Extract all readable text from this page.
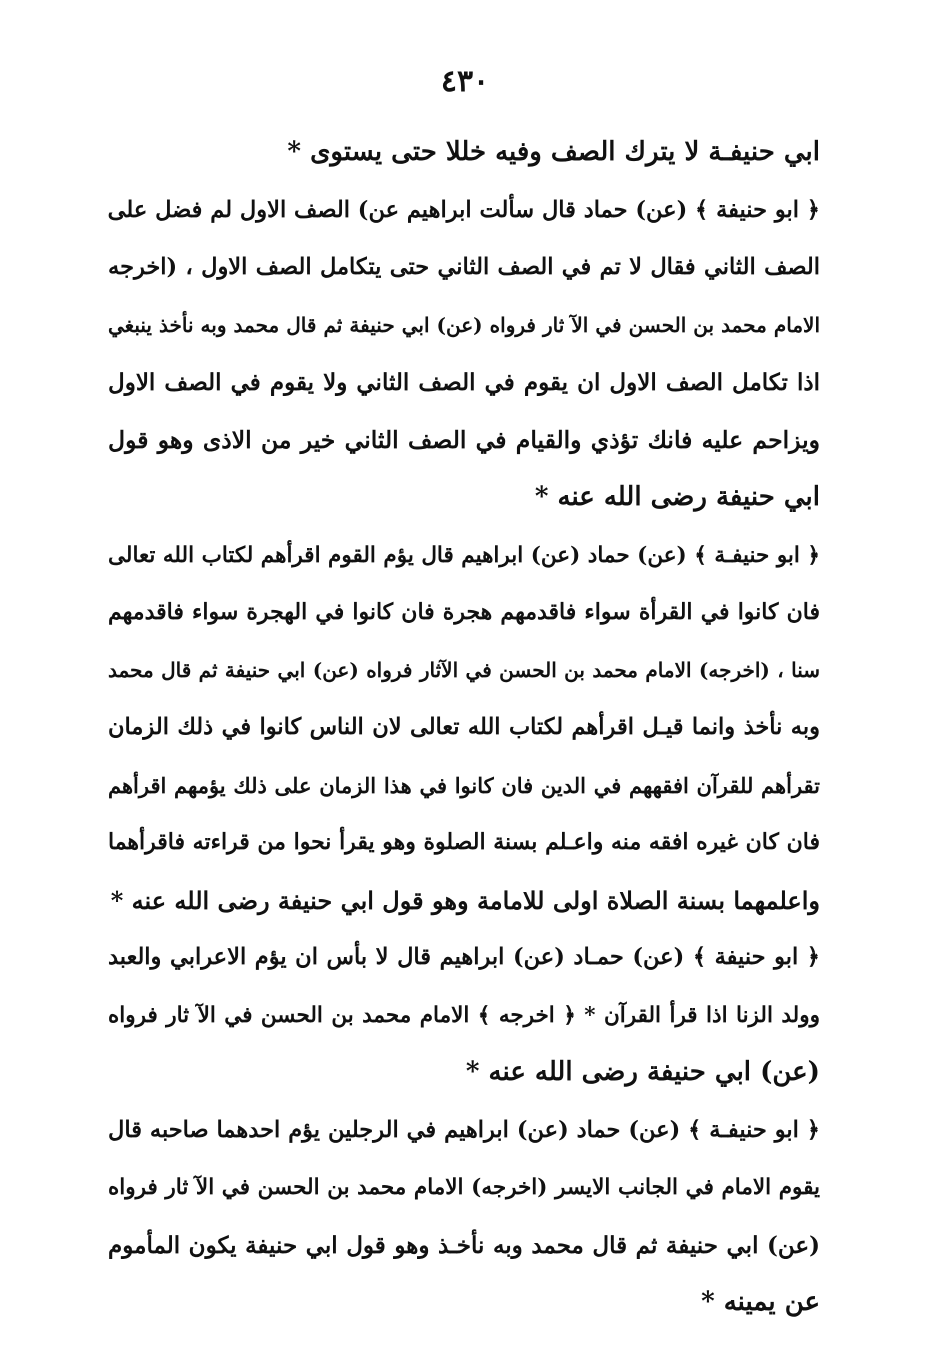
٤٣٠
ابي حنيفـة لا يترك الصف وفيه خللا حتى يستوى *
﴿ ابو حنيفة ﴾ (عن) حماد قال سألت ابراهيم عن) الصف الاول لم فضل على
الصف الثاني فقال لا تم في الصف الثاني حتى يتكامل الصف الاول ، (اخرجه
الامام محمد بن الحسن في الآ ثار فرواه (عن) ابي حنيفة ثم قال محمد وبه نأخذ ينبغي
اذا تكامل الصف الاول ان يقوم في الصف الثاني ولا يقوم في الصف الاول
ويزاحم عليه فانك تؤذي والقيام في الصف الثاني خير من الاذى وهو قول
ابي حنيفة رضى الله عنه *
﴿ ابو حنيفـة ﴾ (عن) حماد (عن) ابراهيم قال يؤم القوم اقرأهم لكتاب الله تعالى
فان كانوا في القرأة سواء فاقدمهم هجرة فان كانوا في الهجرة سواء فاقدمهم
سنا ، (اخرجه) الامام محمد بن الحسن في الآثار فرواه (عن) ابي حنيفة ثم قال محمد
وبه نأخذ وانما قيـل اقرأهم لكتاب الله تعالى لان الناس كانوا في ذلك الزمان
تقرأهم للقرآن افقههم في الدين فان كانوا في هذا الزمان على ذلك يؤمهم اقرأهم
فان كان غيره افقه منه واعـلم بسنة الصلوة وهو يقرأ نحوا من قراءته فاقرأهما
واعلمهما بسنة الصلاة اولى للامامة وهو قول ابي حنيفة رضى الله عنه *
﴿ ابو حنيفة ﴾ (عن) حمـاد (عن) ابراهيم قال لا بأس ان يؤم الاعرابي والعبد
وولد الزنا اذا قرأ القرآن * ﴿ اخرجه ﴾ الامام محمد بن الحسن في الآ ثار فرواه
(عن) ابي حنيفة رضى الله عنه *
﴿ ابو حنيفـة ﴾ (عن) حماد (عن) ابراهيم في الرجلين يؤم احدهما صاحبه قال
يقوم الامام في الجانب الايسر (اخرجه) الامام محمد بن الحسن في الآ ثار فرواه
(عن) ابي حنيفة ثم قال محمد وبه نأخـذ وهو قول ابي حنيفة يكون المأموم
عن يمينه *
